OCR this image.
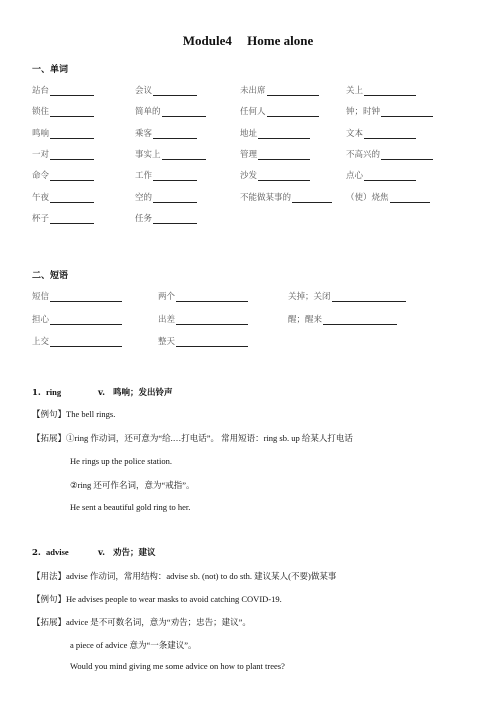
Module4 Home alone
一、单词
站台	会议	未出席	关上
锁住	简单的	任何人	钟；时钟
鸣响	乘客	地址	文本
一对	事实上	管理	不高兴的
命令	工作	沙发	点心
午夜	空的	不能做某事的	（使）烧焦
杯子	任务
二、短语
短信	两个	关掉；关闭
担心	出差	醒；醒来
上交	整天
1. ring	v. 鸣响；发出铃声
【例句】The bell rings.
【拓展】①ring 作动词，还可意为“给.…打电话”。 常用短语：ring sb. up 给某人打电话
He rings up the police station.
②ring 还可作名词，意为“戒指”。
He sent a beautiful gold ring to her.
2. advise	v. 劝告；建议
【用法】advise 作动词，常用结构：advise sb. (not) to do sth. 建议某人(不要)做某事
【例句】He advises people to wear masks to avoid catching COVID-19.
【拓展】advice 是不可数名词，意为“劝告；忠告；建议”。
a piece of advice 意为“一条建议”。
Would you mind giving me some advice on how to plant trees?
